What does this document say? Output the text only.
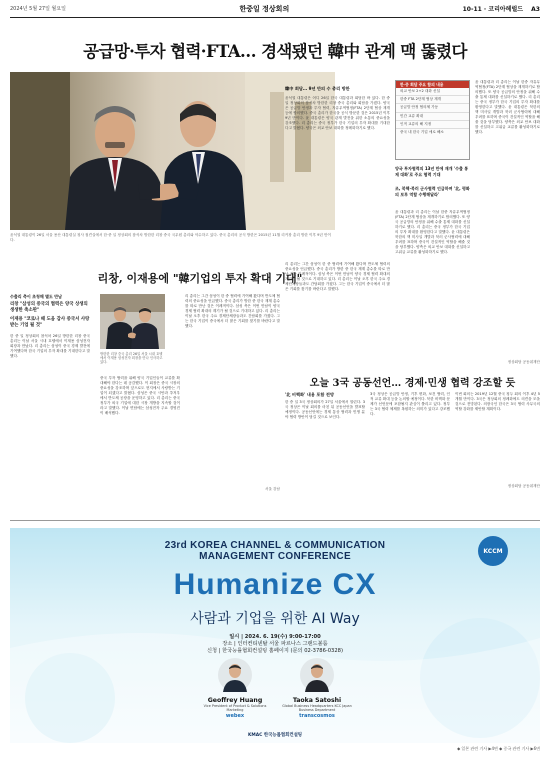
2024년 5월 27일 월요일	한중일 정상회의	10-11 · 코리아헤럴드 A3
공급망·투자 협력·FTA… 경색됐던 韓中 관계 맥 뚫렸다
윤석열 대통령이 26일 서울 용산 대통령실 청사 접견실에서 한·중 일 정상회의 참석차 방한한 리창 중국 국무원 총리와 악수하고 있다. 중국 총리의 공식 방한은 2015년 11월 리커창 총리 방한 이후 9년 만이다.
韓中 회담… 9년 만의 수 총리 방한
윤석열 대통령은 어디 26일 한국 대통령과 회담한 바 있다. 한 중 일 정상회의 참석차 방한한 리창 중국 총리와 회담을 가졌다. 양국은 공급망 안정과 투자 협력, 자유무역협정(FTA) 2단계 협상 재개 등에 합의했다. 중국 총리가 한국을 공식 방문한 것은 2015년 이후 9년 만이다. 윤 대통령은 양국 관계 발전을 위한 소통의 중요성을 강조했다. 리 총리는 중국 정부가 한국 기업의 투자 확대를 기대한다고 밝혔다. 양국은 외교 안보 대화를 정례화하기로 했다.
한·중 회담 주요 합의 내용
외교 안보 2+2 대화 신설
한중 FTA 2단계 협상 재개
공급망 안정 협의체 가동
민간 교류 확대
인적 교류의 해 지정
중국 내 한국 기업 애로 해소
윤 대통령과 리 총리는 이날 한중 자유무역협정(FTA) 2단계 협상을 재개하기로 합의했다. 또 양국 공급망의 안정을 위해 수출 통제 대화를 신설하기로 했다. 리 총리는 중국 정부가 한국 기업의 투자 확대를 환영한다고 말했다. 윤 대통령은 북한의 핵 미사일 개발과 북러 군사협력에 대해 우려를 표하며 중국이 건설적인 역할을 해줄 것을 당부했다. 양측은 외교 안보 대화를 신설하고 고위급 교류를 활성화하기로 했다.
양국 투자협력의 13년 만에 재개 '수출 통제 대화'로 주요 협력 기대
조, 북핵·북러 군사협력 언급하며 '北, 평화의 보루 역할 수행해달라'
윤 대통령과 리 총리는 이날 한중 자유무역협정(FTA) 2단계 협상을 재개하기로 합의했다. 또 양국 공급망의 안정을 위해 수출 통제 대화를 신설하기로 했다. 리 총리는 중국 정부가 한국 기업의 투자 확대를 환영한다고 말했다. 윤 대통령은 북한의 핵 미사일 개발과 북러 군사협력에 대해 우려를 표하며 중국이 건설적인 역할을 해줄 것을 당부했다. 양측은 외교 안보 대화를 신설하고 고위급 교류를 활성화하기로 했다.
정상회담 공동취재단
리창, 이재용에 "韓기업의 투자 확대 기대"
수출리 측이 초청해 별도 만남
리창 "삼성의 중국의 협력은 양국 상생의 생생한 축소판"
이재용 "코로나 때 도움 감사 중국서 사랑받는 기업 될 것"
한 중 일 정상회의 참석차 26일 방한한 리창 중국 총리는 이날 서울 시내 호텔에서 이재용 삼성전자 회장과 만났다. 리 총리는 삼성이 중국 경제 발전에 기여했다며 한국 기업의 투자 확대를 기대한다고 말했다.	방한한 리창 중국 총리 26일 서울 시내 호텔에서 이재용 삼성전자 회장을 만나 인사하고 있다.
중국 투자 협력을 위해 양국 기업인들이 교류를 확대해야 한다는 데 공감했다. 이 회장은 중국 시장의 중요성을 강조하며 앞으로도 현지에서 사랑받는 기업이 되겠다고 밝혔다. 삼성은 중국 시안과 쑤저우에서 반도체 공장을 운영하고 있다. 리 총리는 중국 정부가 외국 기업에 대한 시장 개방을 지속할 것이라고 말했다. 이날 면담에는 삼성전자 주요 경영진이 배석했다.
리 총리는 그간 삼성이 한 중 협력에 기여해 왔다며 반도체 협력의 중요성을 언급했다. 중국 총리가 방한 중 한국 재계 총수를 따로 만난 것은 이례적이다. 삼성 측은 이번 만남이 양국 경제 협력 확대의 계기가 될 것으로 기대하고 있다. 리 총리는 이날 오후 한국 주요 경제단체장들과도 간담회를 가졌다. 그는 한국 기업이 중국에서 더 많은 기회를 찾기를 바란다고 말했다.
서울 강남
리 총리는 그간 삼성이 한 중 협력에 기여해 왔다며 반도체 협력의 중요성을 언급했다. 중국 총리가 방한 중 한국 재계 총수를 따로 만난 것은 이례적이다. 삼성 측은 이번 만남이 양국 경제 협력 확대의 계기가 될 것으로 기대하고 있다. 리 총리는 이날 오후 한국 주요 경제단체장들과도 간담회를 가졌다. 그는 한국 기업이 중국에서 더 많은 기회를 찾기를 바란다고 말했다.
오늘 3국 공동선언… 경제·민생 협력 강조할 듯
'北 비핵화' 내용 포함 전망
한 중 일 3국 정상회의가 27일 서울에서 열린다. 3국 정상은 이날 회의를 마친 뒤 공동선언을 발표할 예정이다. 공동선언에는 경제 통상 협력과 민생 분야 협력 방안이 담길 것으로 보인다.
3국 정상은 공급망 안정, 기후 변화, 보건 협력, 인적 교류 확대 등을 논의할 예정이다. 북한 비핵화 문제가 선언문에 포함될지 관심이 쏠리고 있다. 정부는 3국 협력 체제를 복원하는 의미가 있다고 강조했다.
이번 회의는 2019년 12월 중국 청두 회의 이후 4년 5개월 만이다. 3국은 정상회의 정례화에도 의견을 모을 것으로 전망된다. 의장국인 한국은 3국 협력 사무국의 역할 강화를 제안할 계획이다.
정상회담 공동취재단
23rd KOREA CHANNEL & COMMUNICATION
MANAGEMENT CONFERENCE
Humanize CX
사람과 기업을 위한 AI Way
일시 | 2024. 6. 19(수) 9:00-17:00
장소 | 인터컨티넨탈 서울 파르나스 그랜드볼룸
신청 | 한국능률협회컨설팅 홈페이지 (문의 02-3786-0328)
KCCM
Geoffrey Huang
Vice President of Product & Solutions Marketing
webex
Taoka Satoshi
Global Business Headquarters KCC Japan Business Department
transcosmos
KMAC 한국능률협회컨설팅
◆ 일본 관련 기사 ▶4면 ◆ 중국 관련 기사 ▶6면
